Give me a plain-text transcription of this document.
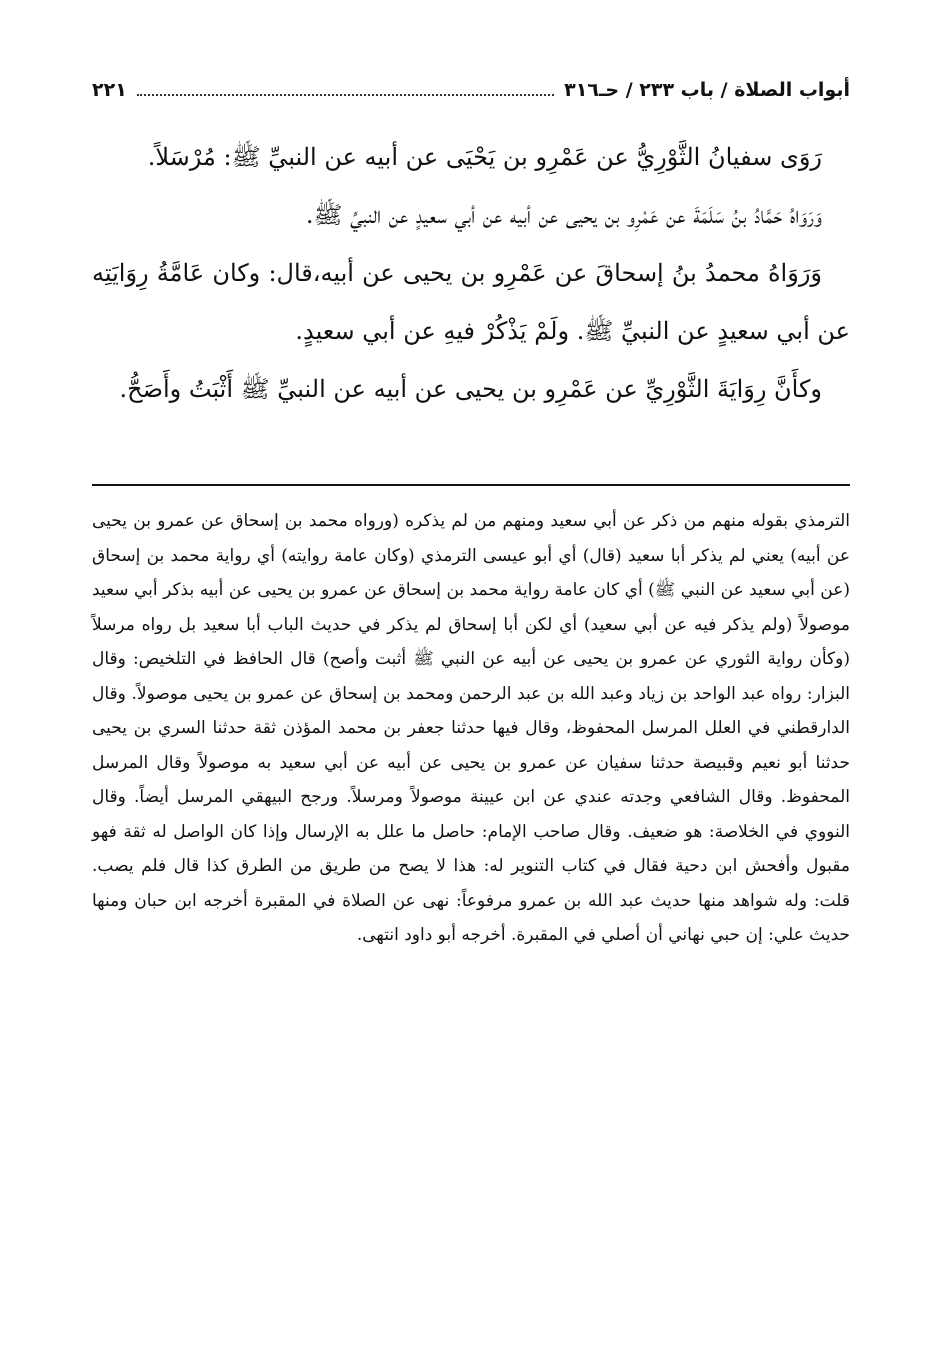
أبواب الصلاة / باب ٢٣٣ / حـ٣١٦
٢٢١

رَوَى سفيانُ الثَّوْرِيُّ عن عَمْرِو بن يَحْيَى عن أبيه عن النبيِّ ﷺ: مُرْسَلاً.

وَرَوَاهُ حَمَّادُ بنُ سَلَمَةَ عن عَمْرِو بن يحيى عن أبيه عن أبي سعيدٍ عن النبيِّ ﷺ.

وَرَوَاهُ محمدُ بنُ إسحاقَ عن عَمْرِو بن يحيى عن أبيه،قال: وكان عَامَّةُ رِوَايَتِه عن أبي سعيدٍ عن النبيِّ ﷺ. ولَمْ يَذْكُرْ فيهِ عن أبي سعيدٍ.

وكأَنَّ رِوَايَةَ الثَّوْرِيِّ عن عَمْرِو بن يحيى عن أبيه عن النبيِّ ﷺ أَثْبَتُ وأَصَحُّ.

الترمذي بقوله منهم من ذكر عن أبي سعيد ومنهم من لم يذكره (ورواه محمد بن إسحاق عن عمرو بن يحيى عن أبيه) يعني لم يذكر أبا سعيد (قال) أي أبو عيسى الترمذي (وكان عامة روايته) أي رواية محمد بن إسحاق (عن أبي سعيد عن النبي ﷺ) أي كان عامة رواية محمد بن إسحاق عن عمرو بن يحيى عن أبيه بذكر أبي سعيد موصولاً (ولم يذكر فيه عن أبي سعيد) أي لكن أبا إسحاق لم يذكر في حديث الباب أبا سعيد بل رواه مرسلاً (وكأن رواية الثوري عن عمرو بن يحيى عن أبيه عن النبي ﷺ أثبت وأصح) قال الحافظ في التلخيص: وقال البزار: رواه عبد الواحد بن زياد وعبد الله بن عبد الرحمن ومحمد بن إسحاق عن عمرو بن يحيى موصولاً. وقال الدارقطني في العلل المرسل المحفوظ، وقال فيها حدثنا جعفر بن محمد المؤذن ثقة حدثنا السري بن يحيى حدثنا أبو نعيم وقبيصة حدثنا سفيان عن عمرو بن يحيى عن أبيه عن أبي سعيد به موصولاً وقال المرسل المحفوظ. وقال الشافعي وجدته عندي عن ابن عيينة موصولاً ومرسلاً. ورجح البيهقي المرسل أيضاً. وقال النووي في الخلاصة: هو ضعيف. وقال صاحب الإمام: حاصل ما علل به الإرسال وإذا كان الواصل له ثقة فهو مقبول وأفحش ابن دحية فقال في كتاب التنوير له: هذا لا يصح من طريق من الطرق كذا قال فلم يصب. قلت: وله شواهد منها حديث عبد الله بن عمرو مرفوعاً: نهى عن الصلاة في المقبرة أخرجه ابن حبان ومنها حديث علي: إن حبي نهاني أن أصلي في المقبرة. أخرجه أبو داود انتهى.
